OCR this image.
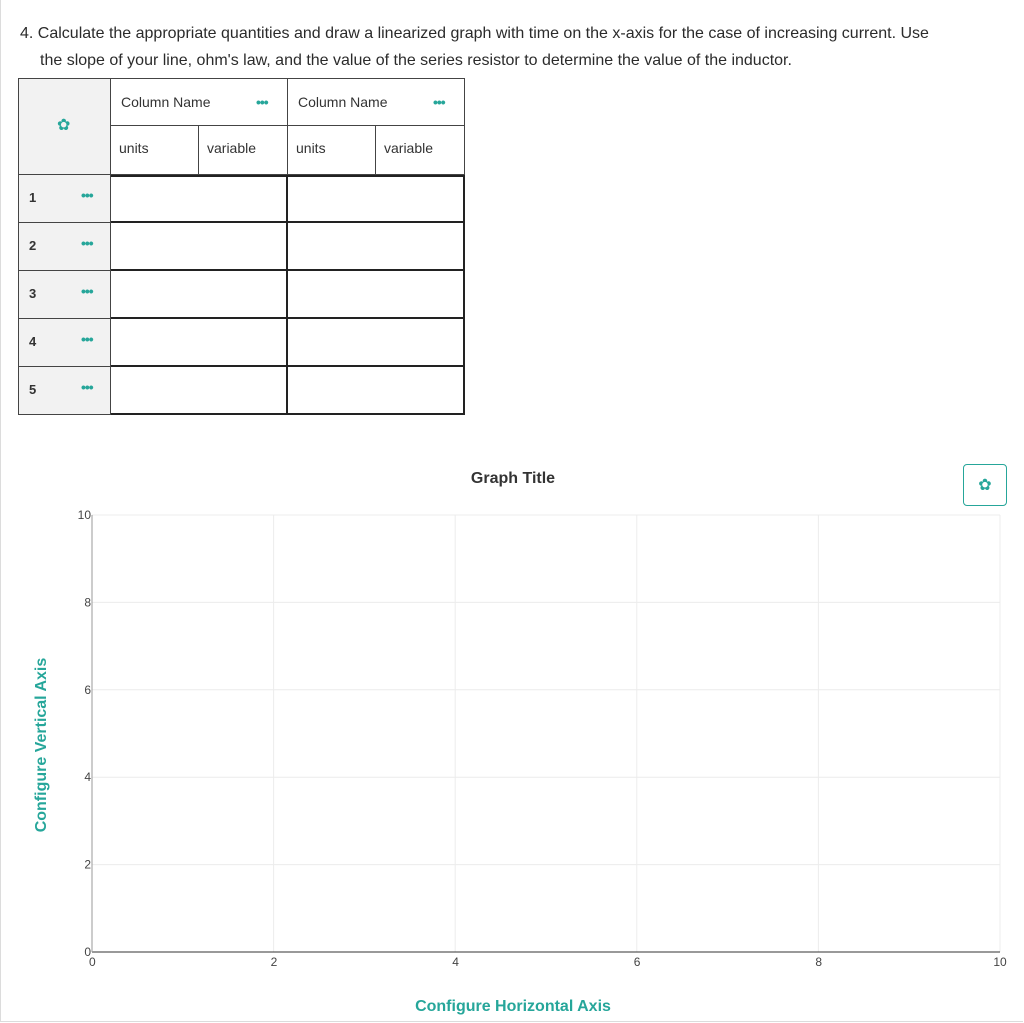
4. Calculate the appropriate quantities and draw a linearized graph with time on the x-axis for the case of increasing current. Use
the slope of your line, ohm's law, and the value of the series resistor to determine the value of the inductor.
✿
Column Name	••• Column Name	•••
units	variable	units	variable
1	•••
2	•••
3	•••
4	•••
5	•••
Graph Title	✿
Configure Vertical Axis
Configure Horizontal Axis
0	2	4	6	8	10
0
2
4
6
8
10
